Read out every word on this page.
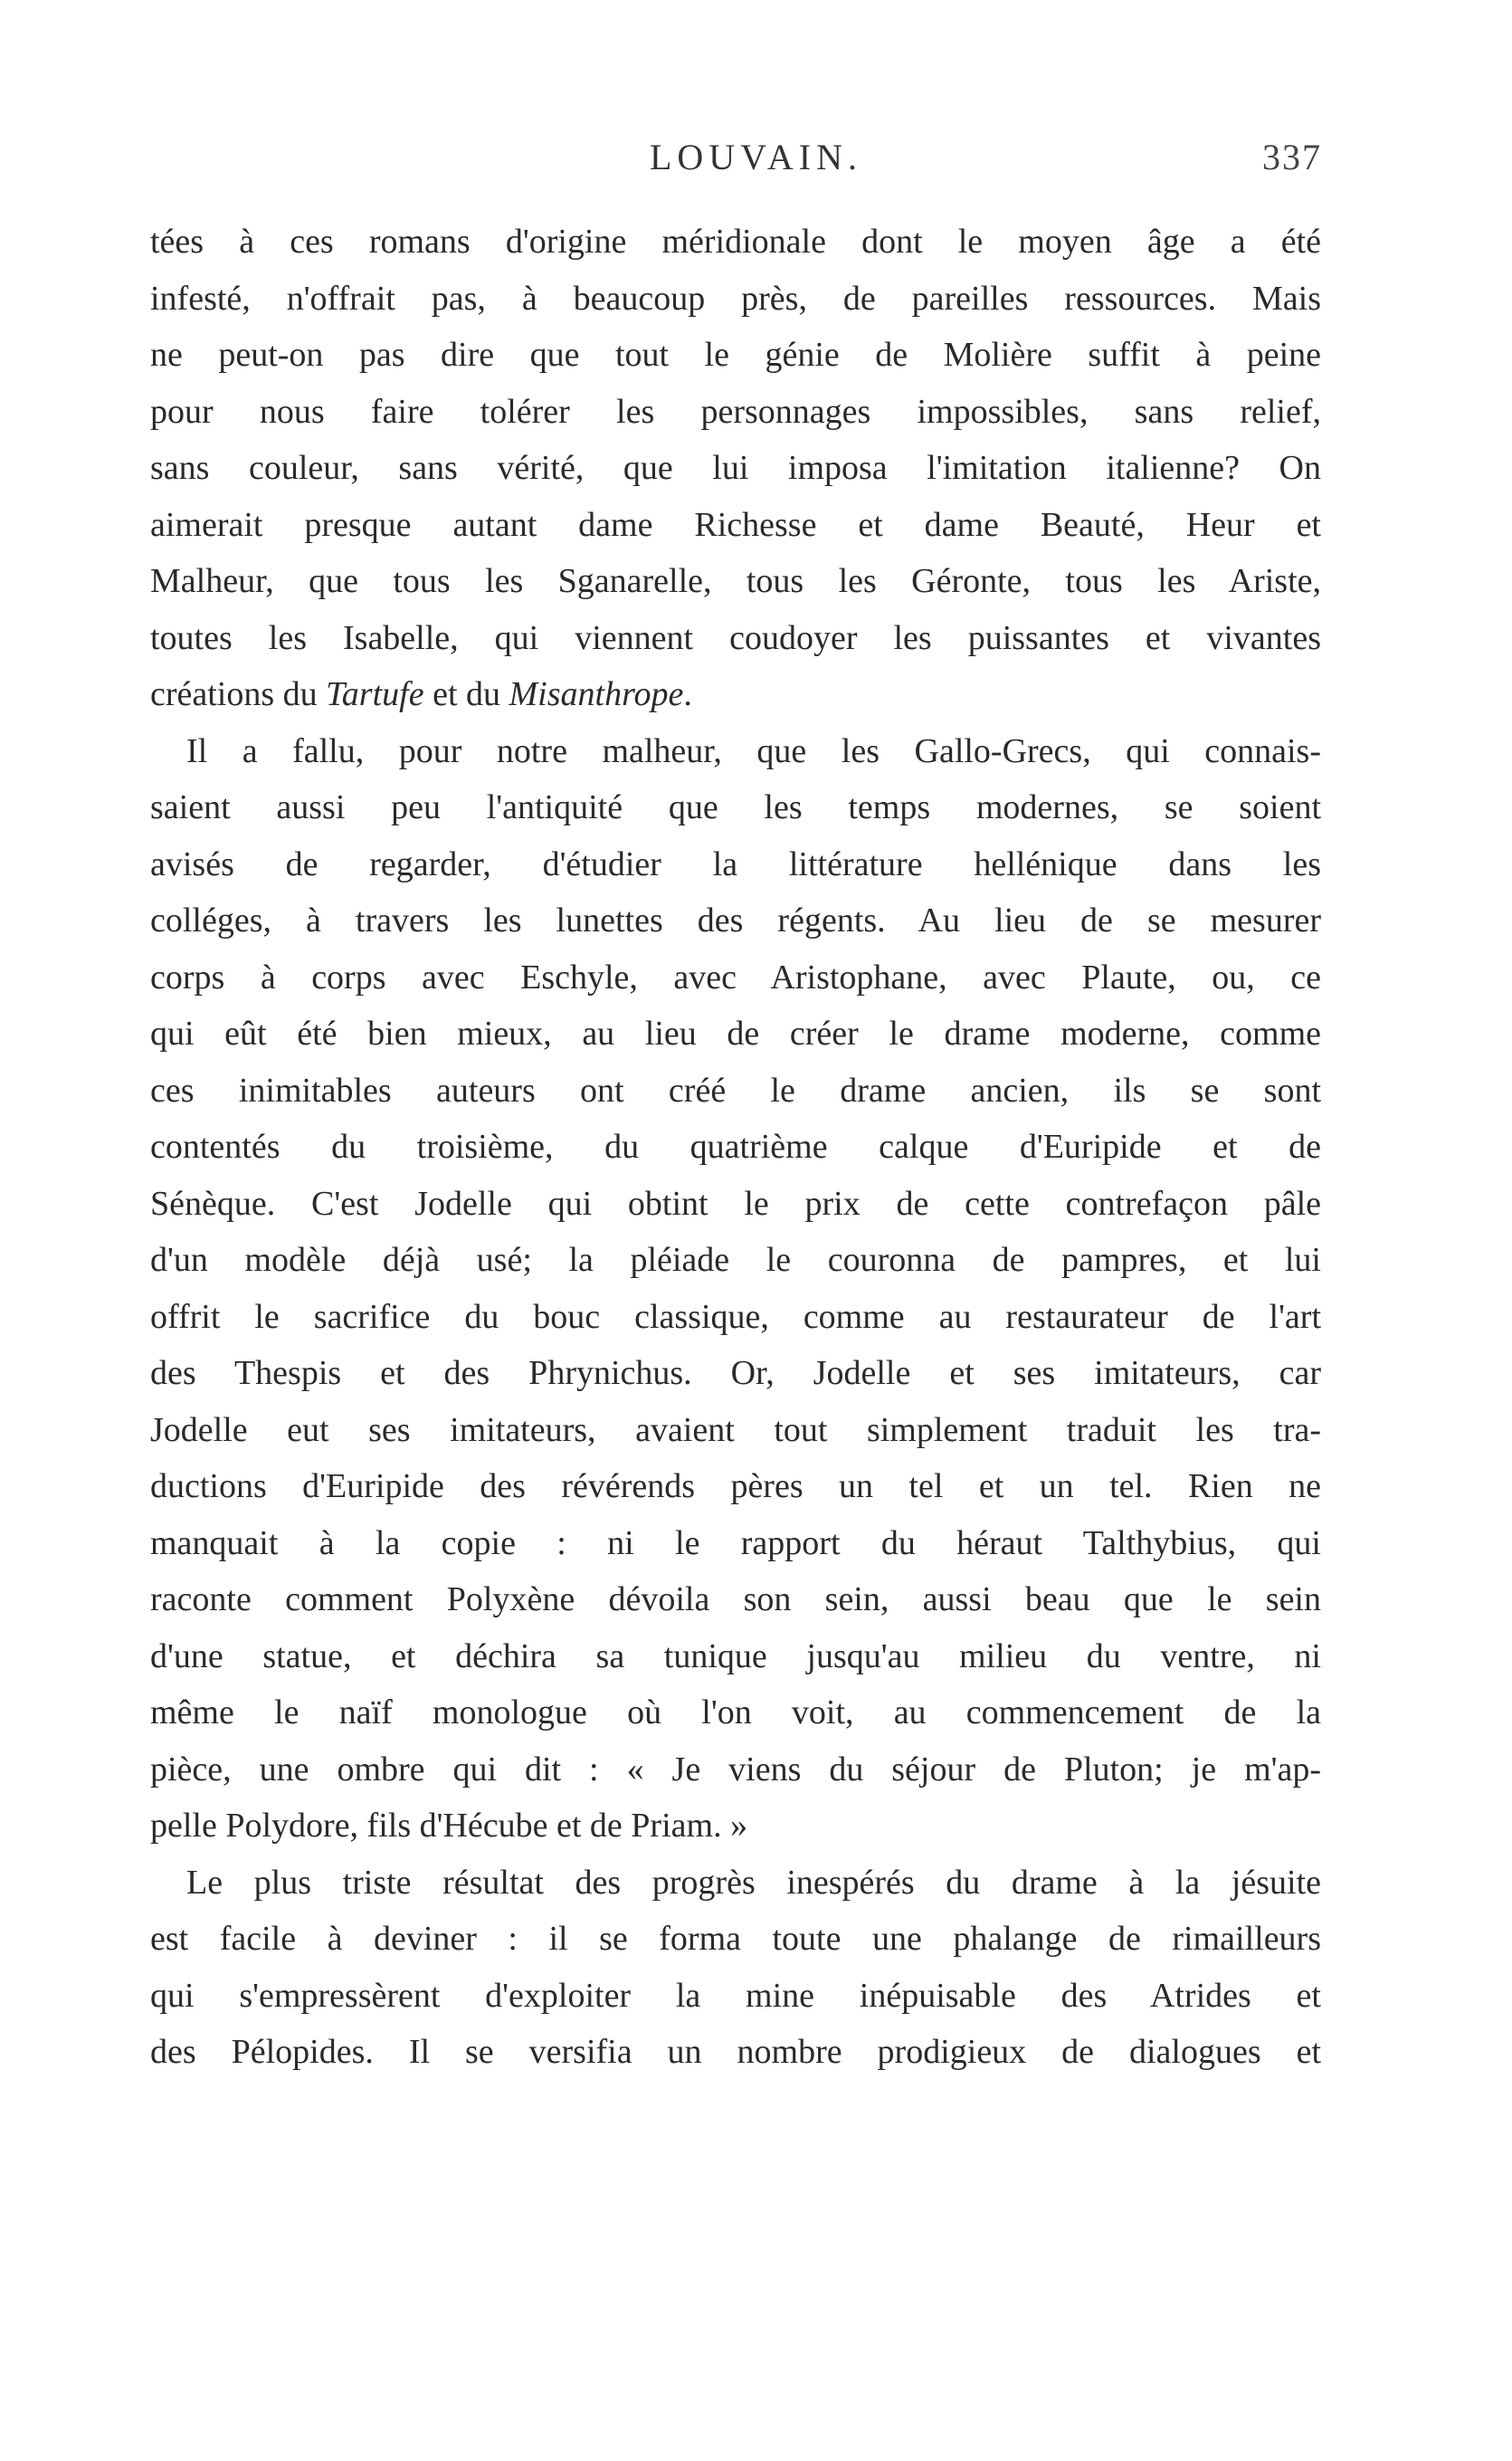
LOUVAIN.	337
tées à ces romans d'origine méridionale dont le moyen âge a été
infesté, n'offrait pas, à beaucoup près, de pareilles ressources. Mais
ne peut-on pas dire que tout le génie de Molière suffit à peine
pour nous faire tolérer les personnages impossibles, sans relief,
sans couleur, sans vérité, que lui imposa l'imitation italienne? On
aimerait presque autant dame Richesse et dame Beauté, Heur et
Malheur, que tous les Sganarelle, tous les Géronte, tous les Ariste,
toutes les Isabelle, qui viennent coudoyer les puissantes et vivantes
créations du Tartufe et du Misanthrope.
Il a fallu, pour notre malheur, que les Gallo-Grecs, qui connais-
saient aussi peu l'antiquité que les temps modernes, se soient
avisés de regarder, d'étudier la littérature hellénique dans les
colléges, à travers les lunettes des régents. Au lieu de se mesurer
corps à corps avec Eschyle, avec Aristophane, avec Plaute, ou, ce
qui eût été bien mieux, au lieu de créer le drame moderne, comme
ces inimitables auteurs ont créé le drame ancien, ils se sont
contentés du troisième, du quatrième calque d'Euripide et de
Sénèque. C'est Jodelle qui obtint le prix de cette contrefaçon pâle
d'un modèle déjà usé; la pléiade le couronna de pampres, et lui
offrit le sacrifice du bouc classique, comme au restaurateur de l'art
des Thespis et des Phrynichus. Or, Jodelle et ses imitateurs, car
Jodelle eut ses imitateurs, avaient tout simplement traduit les tra-
ductions d'Euripide des révérends pères un tel et un tel. Rien ne
manquait à la copie : ni le rapport du héraut Talthybius, qui
raconte comment Polyxène dévoila son sein, aussi beau que le sein
d'une statue, et déchira sa tunique jusqu'au milieu du ventre, ni
même le naïf monologue où l'on voit, au commencement de la
pièce, une ombre qui dit : « Je viens du séjour de Pluton; je m'ap-
pelle Polydore, fils d'Hécube et de Priam. »
Le plus triste résultat des progrès inespérés du drame à la jésuite
est facile à deviner : il se forma toute une phalange de rimailleurs
qui s'empressèrent d'exploiter la mine inépuisable des Atrides et
des Pélopides. Il se versifia un nombre prodigieux de dialogues et
